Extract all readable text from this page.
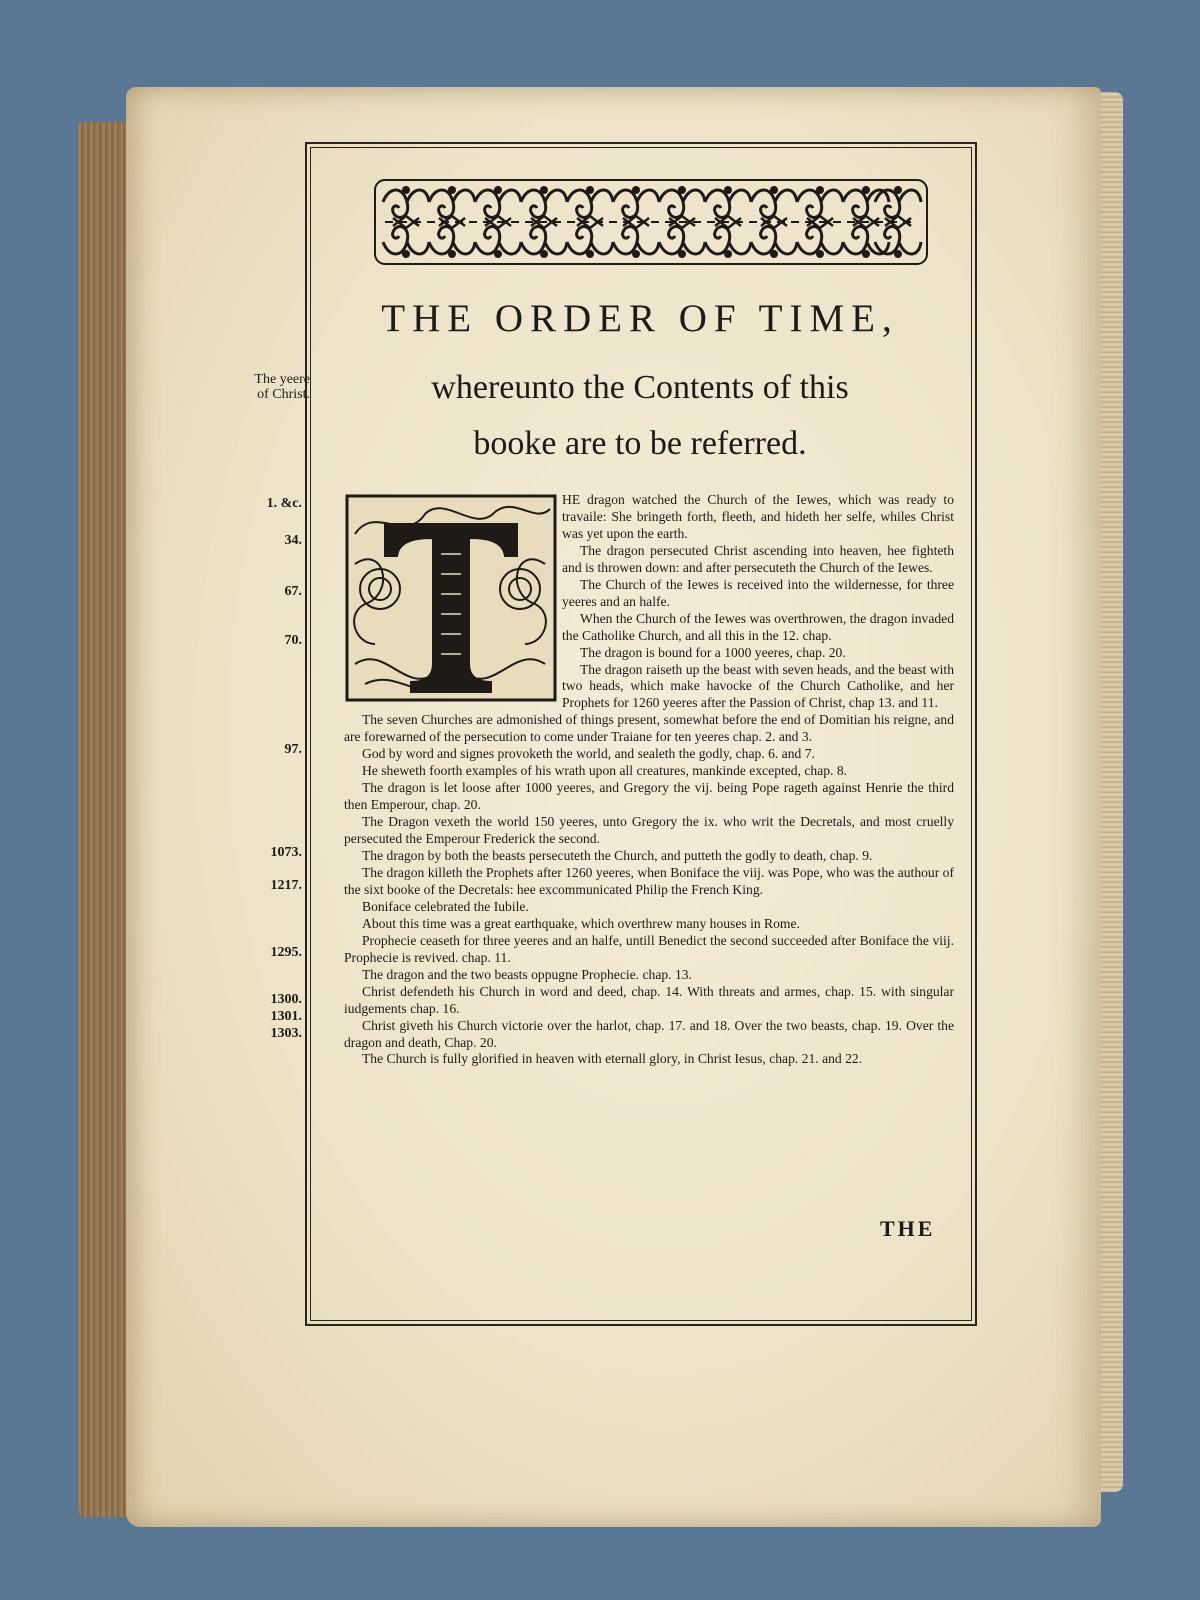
THE ORDER OF TIME,
whereunto the Contents of this
booke are to be referred.
The yeere
of Christ.
1. &c.
34.
67.
70.
97.
1073.
1217.
1295.
1300.
1301.
1303.

HE dragon watched the Church of the Iewes, which was ready to travaile: She bringeth forth, fleeth, and hideth her selfe, whiles Christ was yet upon the earth.

The dragon persecuted Christ ascending into heaven, hee fighteth and is throwen down: and after persecuteth the Church of the Iewes.

The Church of the Iewes is received into the wildernesse, for three yeeres and an halfe.

When the Church of the Iewes was overthrowen, the dragon invaded the Catholike Church, and all this in the 12. chap.

The dragon is bound for a 1000 yeeres, chap. 20.

The dragon raiseth up the beast with seven heads, and the beast with two heads, which make havocke of the Church Catholike, and her Prophets for 1260 yeeres after the Passion of Christ, chap 13. and 11.

The seven Churches are admonished of things present, somewhat before the end of Domitian his reigne, and are forewarned of the persecution to come under Traiane for ten yeeres chap. 2. and 3.

God by word and signes provoketh the world, and sealeth the godly, chap. 6. and 7.

He sheweth foorth examples of his wrath upon all creatures, mankinde excepted, chap. 8.

The dragon is let loose after 1000 yeeres, and Gregory the vij. being Pope rageth against Henrie the third then Emperour, chap. 20.

The Dragon vexeth the world 150 yeeres, unto Gregory the ix. who writ the Decretals, and most cruelly persecuted the Emperour Frederick the second.

The dragon by both the beasts persecuteth the Church, and putteth the godly to death, chap. 9.

The dragon killeth the Prophets after 1260 yeeres, when Boniface the viij. was Pope, who was the authour of the sixt booke of the Decretals: hee excommunicated Philip the French King.

Boniface celebrated the Iubile.

About this time was a great earthquake, which overthrew many houses in Rome.

Prophecie ceaseth for three yeeres and an halfe, untill Benedict the second succeeded after Boniface the viij. Prophecie is revived. chap. 11.

The dragon and the two beasts oppugne Prophecie. chap. 13.

Christ defendeth his Church in word and deed, chap. 14. With threats and armes, chap. 15. with singular iudgements chap. 16.

Christ giveth his Church victorie over the harlot, chap. 17. and 18. Over the two beasts, chap. 19. Over the dragon and death, Chap. 20.

The Church is fully glorified in heaven with eternall glory, in Christ Iesus, chap. 21. and 22.

THE
